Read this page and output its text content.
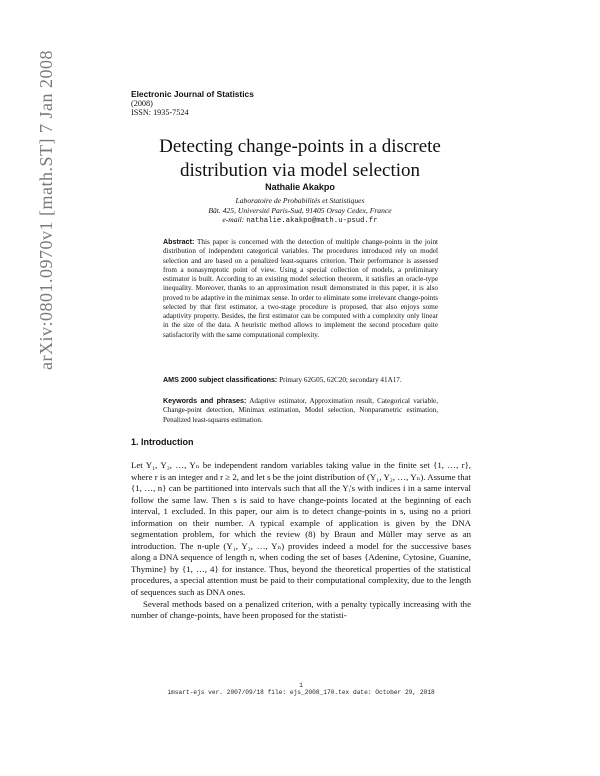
arXiv:0801.0970v1 [math.ST] 7 Jan 2008	Electronic Journal of Statistics
(2008)
ISSN: 1935-7524
Detecting change-points in a discrete
distribution via model selection
Nathalie Akakpo
Laboratoire de Probabilités et Statistiques
Bât. 425, Université Paris-Sud, 91405 Orsay Cedex, France
e-mail: nathalie.akakpo@math.u-psud.fr
Abstract: This paper is concerned with the detection of multiple change-points in the joint distribution of independent categorical variables. The procedures introduced rely on model selection and are based on a penalized least-squares criterion. Their performance is assessed from a nonasymptotic point of view. Using a special collection of models, a preliminary estimator is built. According to an existing model selection theorem, it satisfies an oracle-type inequality. Moreover, thanks to an approximation result demonstrated in this paper, it is also proved to be adaptive in the minimax sense. In order to eliminate some irrelevant change-points selected by that first estimator, a two-stage procedure is proposed, that also enjoys some adaptivity property. Besides, the first estimator can be computed with a complexity only linear in the size of the data. A heuristic method allows to implement the second procedure quite satisfactorily with the same computational complexity.
AMS 2000 subject classifications: Primary 62G05, 62C20; secondary 41A17.
Keywords and phrases: Adaptive estimator, Approximation result, Categorical variable, Change-point detection, Minimax estimation, Model selection, Nonparametric estimation, Penalized least-squares estimation.
1. Introduction

Let Y₁, Y₂, …, Yₙ be independent random variables taking value in the finite set {1, …, r}, where r is an integer and r ≥ 2, and let s be the joint distribution of (Y₁, Y₂, …, Yₙ). Assume that {1, …, n} can be partitioned into intervals such that all the Yᵢ's with indices i in a same interval follow the same law. Then s is said to have change-points located at the beginning of each interval, 1 excluded. In this paper, our aim is to detect change-points in s, using no a priori information on their number. A typical example of application is given by the DNA segmentation problem, for which the review (8) by Braun and Müller may serve as an introduction. The n-uple (Y₁, Y₂, …, Yₙ) provides indeed a model for the successive bases along a DNA sequence of length n, when coding the set of bases {Adenine, Cytosine, Guanine, Thymine} by {1, …, 4} for instance. Thus, beyond the theoretical properties of the statistical procedures, a special attention must be paid to their computational complexity, due to the length of sequences such as DNA ones.

Several methods based on a penalized criterion, with a penalty typically increasing with the number of change-points, have been proposed for the statisti-

1
imsart-ejs ver. 2007/09/18 file: ejs_2008_170.tex date: October 29, 2018
